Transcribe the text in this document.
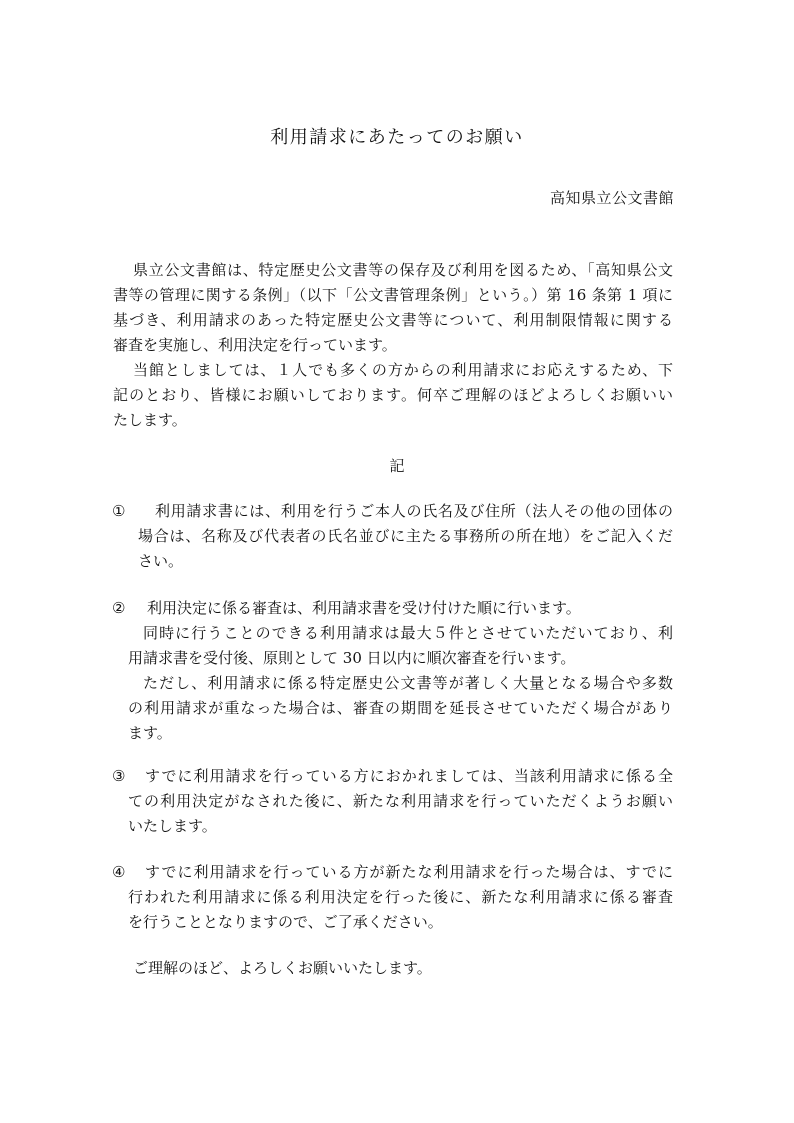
利用請求にあたってのお願い
高知県立公文書館
県立公文書館は、特定歴史公文書等の保存及び利用を図るため、「高知県公文
書等の管理に関する条例」（以下「公文書管理条例」という。）第 16 条第 1 項に
基づき、利用請求のあった特定歴史公文書等について、利用制限情報に関する
審査を実施し、利用決定を行っています。
当館としましては、１人でも多くの方からの利用請求にお応えするため、下
記のとおり、皆様にお願いしております。何卒ご理解のほどよろしくお願いい
たします。
記
① 利用請求書には、利用を行うご本人の氏名及び住所（法人その他の団体の
場合は、名称及び代表者の氏名並びに主たる事務所の所在地）をご記入くだ
さい。
② 利用決定に係る審査は、利用請求書を受け付けた順に行います。
同時に行うことのできる利用請求は最大５件とさせていただいており、利
用請求書を受付後、原則として 30 日以内に順次審査を行います。
ただし、利用請求に係る特定歴史公文書等が著しく大量となる場合や多数
の利用請求が重なった場合は、審査の期間を延長させていただく場合があり
ます。
③ すでに利用請求を行っている方におかれましては、当該利用請求に係る全
ての利用決定がなされた後に、新たな利用請求を行っていただくようお願い
いたします。
④ すでに利用請求を行っている方が新たな利用請求を行った場合は、すでに
行われた利用請求に係る利用決定を行った後に、新たな利用請求に係る審査
を行うこととなりますので、ご了承ください。
ご理解のほど、よろしくお願いいたします。
